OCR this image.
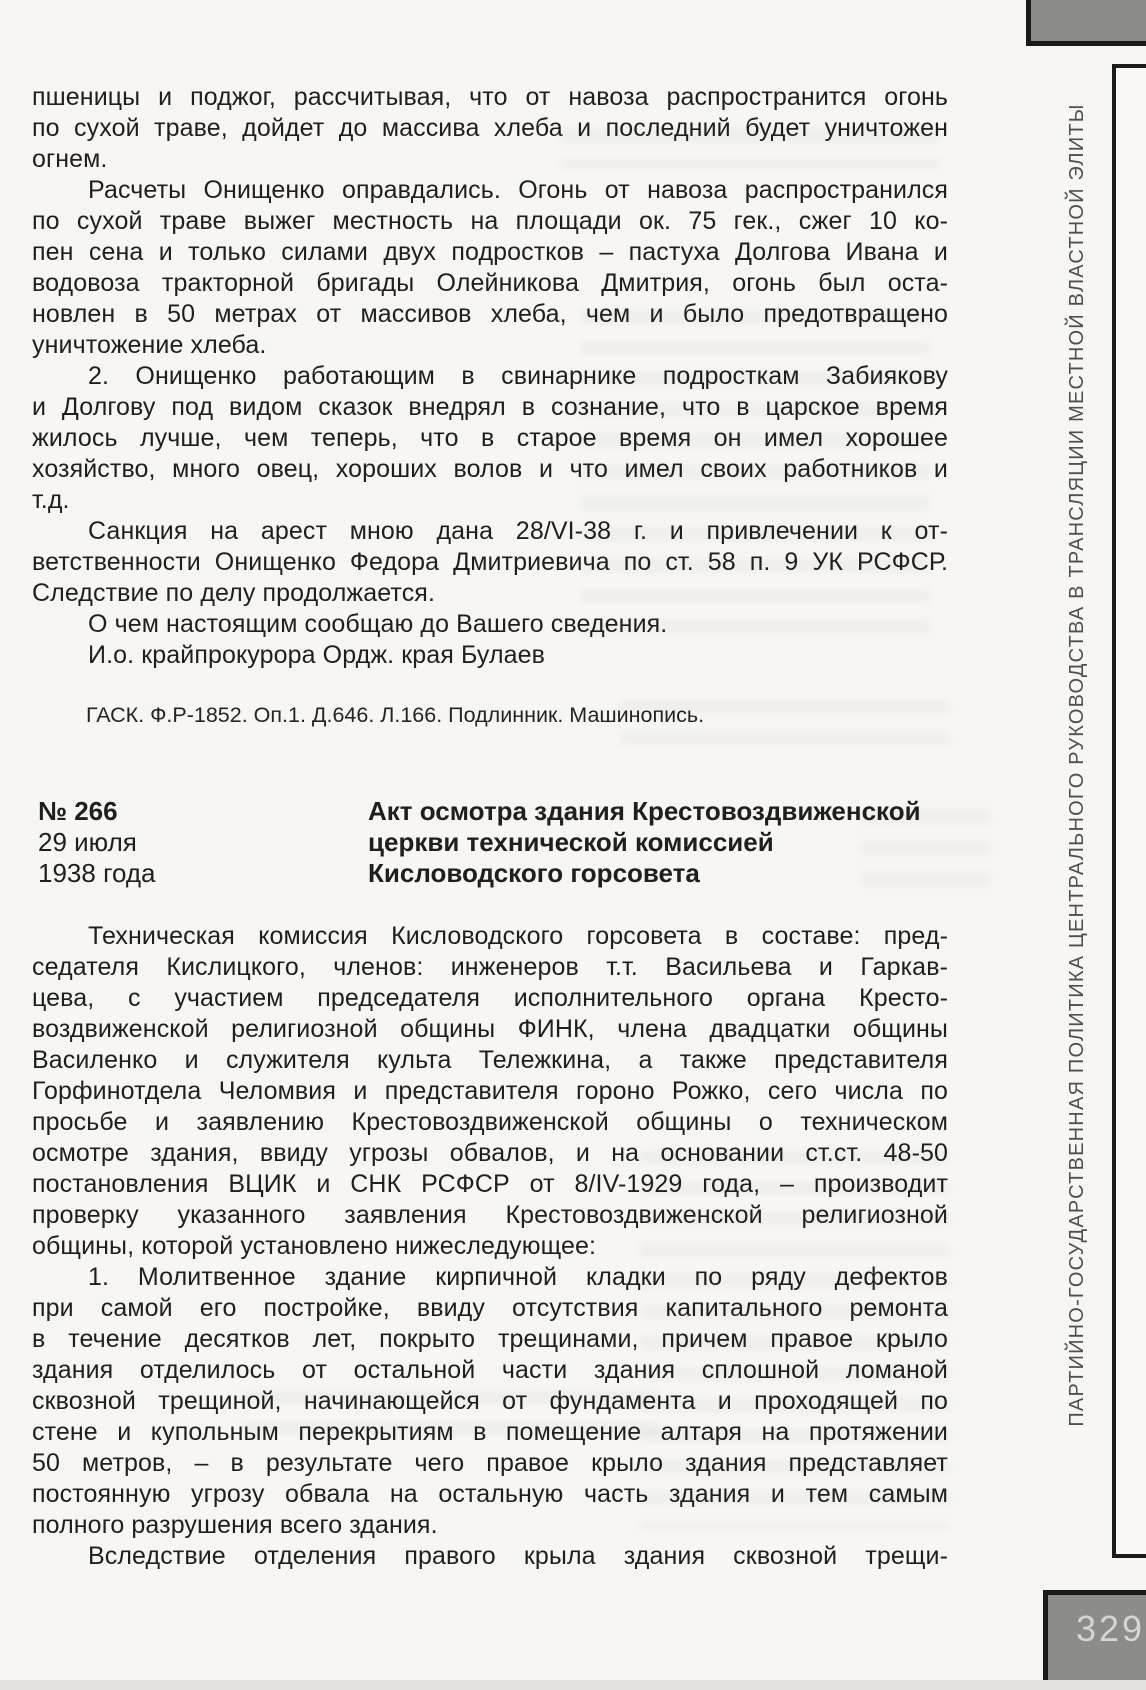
пшеницы и поджог, рассчитывая, что от навоза распространится огонь
по сухой траве, дойдет до массива хлеба и последний будет уничтожен
огнем.
Расчеты Онищенко оправдались. Огонь от навоза распространился
по сухой траве выжег местность на площади ок. 75 гек., сжег 10 ко-
пен сена и только силами двух подростков – пастуха Долгова Ивана и
водовоза тракторной бригады Олейникова Дмитрия, огонь был оста-
новлен в 50 метрах от массивов хлеба, чем и было предотвращено
уничтожение хлеба.
2. Онищенко работающим в свинарнике подросткам Забиякову
и Долгову под видом сказок внедрял в сознание, что в царское время
жилось лучше, чем теперь, что в старое время он имел хорошее
хозяйство, много овец, хороших волов и что имел своих работников и
т.д.
Санкция на арест мною дана 28/VI-38 г. и привлечении к от-
ветственности Онищенко Федора Дмитриевича по ст. 58 п. 9 УК РСФСР.
Следствие по делу продолжается.
О чем настоящим сообщаю до Вашего сведения.
И.о. крайпрокурора Ордж. края Булаев
ГАСК. Ф.Р-1852. Оп.1. Д.646. Л.166. Подлинник. Машинопись.
№ 266
29 июля
1938 года
Акт осмотра здания Крестовоздвиженской
церкви технической комиссией
Кисловодского горсовета
Техническая комиссия Кисловодского горсовета в составе: пред-
седателя Кислицкого, членов: инженеров т.т. Васильева и Гаркав-
цева, с участием председателя исполнительного органа Кресто-
воздвиженской религиозной общины ФИНК, члена двадцатки общины
Василенко и служителя культа Тележкина, а также представителя
Горфинотдела Челомвия и представителя гороно Рожко, сего числа по
просьбе и заявлению Крестовоздвиженской общины о техническом
осмотре здания, ввиду угрозы обвалов, и на основании ст.ст. 48-50
постановления ВЦИК и СНК РСФСР от 8/IV-1929 года, – производит
проверку указанного заявления Крестовоздвиженской религиозной
общины, которой установлено нижеследующее:
1. Молитвенное здание кирпичной кладки по ряду дефектов
при самой его постройке, ввиду отсутствия капитального ремонта
в течение десятков лет, покрыто трещинами, причем правое крыло
здания отделилось от остальной части здания сплошной ломаной
сквозной трещиной, начинающейся от фундамента и проходящей по
стене и купольным перекрытиям в помещение алтаря на протяжении
50 метров, – в результате чего правое крыло здания представляет
постоянную угрозу обвала на остальную часть здания и тем самым
полного разрушения всего здания.
Вследствие отделения правого крыла здания сквозной трещи-
ПАРТИЙНО-ГОСУДАРСТВЕННАЯ ПОЛИТИКА ЦЕНТРАЛЬНОГО РУКОВОДСТВА В ТРАНСЛЯЦИИ МЕСТНОЙ ВЛАСТНОЙ ЭЛИТЫ
329
